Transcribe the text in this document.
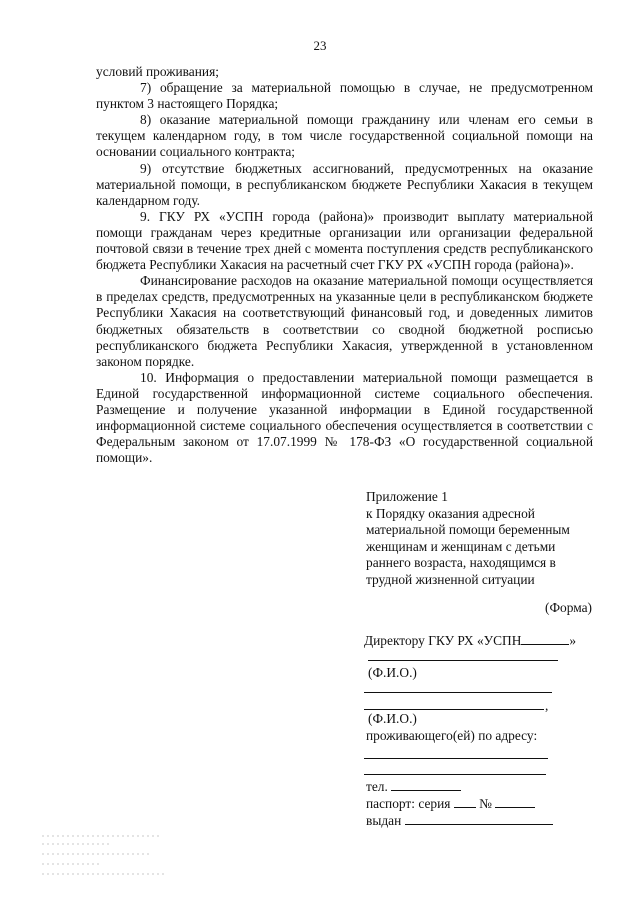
23

условий проживания;

7) обращение за материальной помощью в случае, не предусмотренном пунктом 3 настоящего Порядка;

8) оказание материальной помощи гражданину или членам его семьи в текущем календарном году, в том числе государственной социальной помощи на основании социального контракта;

9) отсутствие бюджетных ассигнований, предусмотренных на оказание материальной помощи, в республиканском бюджете Республики Хакасия в текущем календарном году.

9. ГКУ РХ «УСПН города (района)» производит выплату материальной помощи гражданам через кредитные организации или организации федеральной почтовой связи в течение трех дней с момента поступления средств республиканского бюджета Республики Хакасия на расчетный счет ГКУ РХ «УСПН города (района)».

Финансирование расходов на оказание материальной помощи осуществляется в пределах средств, предусмотренных на указанные цели в республиканском бюджете Республики Хакасия на соответствующий финансовый год, и доведенных лимитов бюджетных обязательств в соответствии со сводной бюджетной росписью республиканского бюджета Республики Хакасия, утвержденной в установленном законом порядке.

10. Информация о предоставлении материальной помощи размещается в Единой государственной информационной системе социального обеспечения. Размещение и получение указанной информации в Единой государственной информационной системе социального обеспечения осуществляется в соответствии с Федеральным законом от 17.07.1999 № 178-ФЗ «О государственной социальной помощи».

Приложение 1
к Порядку оказания адресной
материальной помощи беременным
женщинам и женщинам с детьми
раннего возраста, находящимся в
трудной жизненной ситуации
(Форма)
Директору ГКУ РХ «УСПН	»
(Ф.И.О.)
,
(Ф.И.О.)
проживающего(ей) по адресу:
тел.
паспорт: серия №
выдан
